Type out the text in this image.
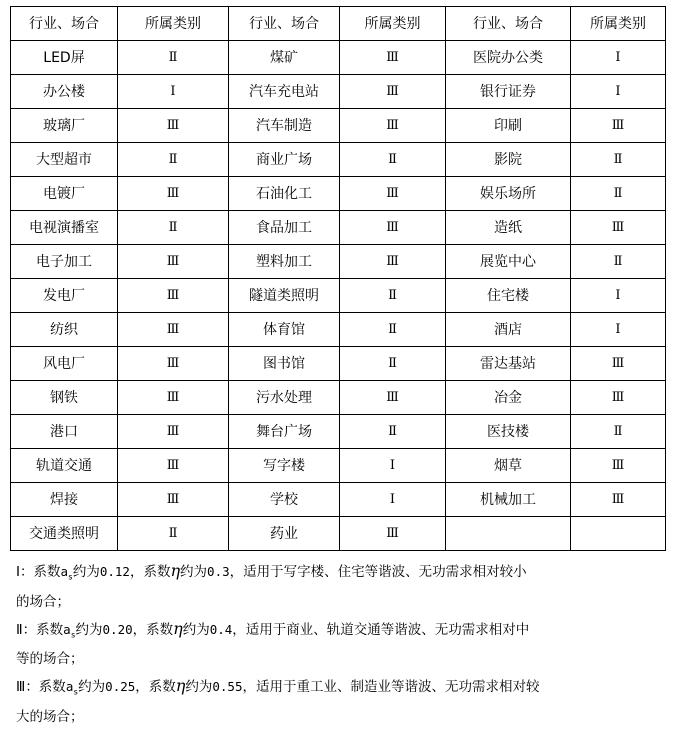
行业、场合	所属类别	行业、场合	所属类别	行业、场合	所属类别
LED屏	Ⅱ	煤矿	Ⅲ	医院办公类	Ⅰ
办公楼	Ⅰ	汽车充电站	Ⅲ	银行证券	Ⅰ
玻璃厂	Ⅲ	汽车制造	Ⅲ	印刷	Ⅲ
大型超市	Ⅱ	商业广场	Ⅱ	影院	Ⅱ
电镀厂	Ⅲ	石油化工	Ⅲ	娱乐场所	Ⅱ
电视演播室	Ⅱ	食品加工	Ⅲ	造纸	Ⅲ
电子加工	Ⅲ	塑料加工	Ⅲ	展览中心	Ⅱ
发电厂	Ⅲ	隧道类照明	Ⅱ	住宅楼	Ⅰ
纺织	Ⅲ	体育馆	Ⅱ	酒店	Ⅰ
风电厂	Ⅲ	图书馆	Ⅱ	雷达基站	Ⅲ
钢铁	Ⅲ	污水处理	Ⅲ	冶金	Ⅲ
港口	Ⅲ	舞台广场	Ⅱ	医技楼	Ⅱ
轨道交通	Ⅲ	写字楼	Ⅰ	烟草	Ⅲ
焊接	Ⅲ	学校	Ⅰ	机械加工	Ⅲ
交通类照明	Ⅱ	药业	Ⅲ		
Ⅰ：系数$a_s$约为0.12，系数η约为0.3，适用于写字楼、住宅等谐波、无功需求相对较小
的场合；
Ⅱ：系数$a_s$约为0.20，系数η约为0.4，适用于商业、轨道交通等谐波、无功需求相对中
等的场合；
Ⅲ：系数$a_s$约为0.25，系数η约为0.55，适用于重工业、制造业等谐波、无功需求相对较
大的场合；
